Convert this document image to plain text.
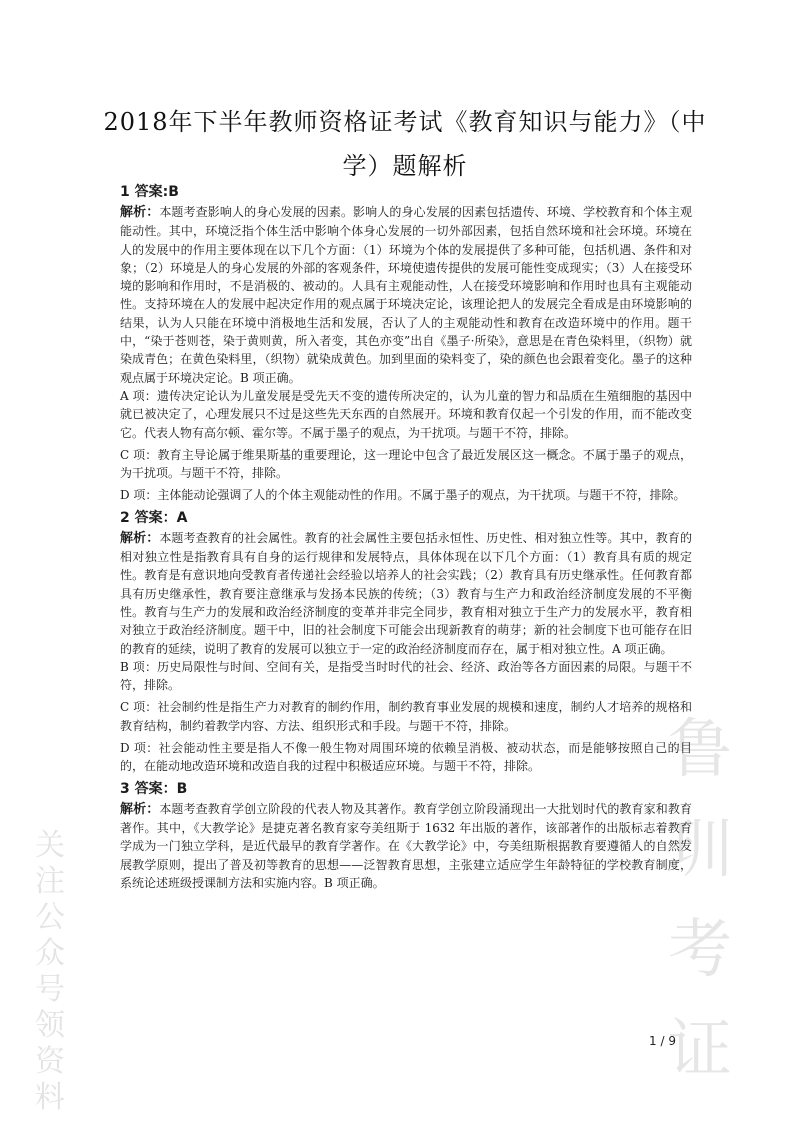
关注公众号领资料
鲁玔考证
2018年下半年教师资格证考试《教育知识与能力》（中学）题解析
1 答案:B

解析：本题考查影响人的身心发展的因素。影响人的身心发展的因素包括遗传、环境、学校教育和个体主观能动性。其中，环境泛指个体生活中影响个体身心发展的一切外部因素，包括自然环境和社会环境。环境在人的发展中的作用主要体现在以下几个方面：（1）环境为个体的发展提供了多种可能，包括机遇、条件和对象；（2）环境是人的身心发展的外部的客观条件，环境使遗传提供的发展可能性变成现实；（3）人在接受环境的影响和作用时，不是消极的、被动的。人具有主观能动性，人在接受环境影响和作用时也具有主观能动性。支持环境在人的发展中起决定作用的观点属于环境决定论，该理论把人的发展完全看成是由环境影响的结果，认为人只能在环境中消极地生活和发展，否认了人的主观能动性和教育在改造环境中的作用。题干中，“染于苍则苍，染于黄则黄，所入者变，其色亦变”出自《墨子·所染》，意思是在青色染料里，（织物）就染成青色；在黄色染料里，（织物）就染成黄色。加到里面的染料变了，染的颜色也会跟着变化。墨子的这种观点属于环境决定论。B 项正确。

A 项：遗传决定论认为儿童发展是受先天不变的遗传所决定的，认为儿童的智力和品质在生殖细胞的基因中就已被决定了，心理发展只不过是这些先天东西的自然展开。环境和教育仅起一个引发的作用，而不能改变它。代表人物有高尔顿、霍尔等。不属于墨子的观点，为干扰项。与题干不符，排除。

C 项：教育主导论属于维果斯基的重要理论，这一理论中包含了最近发展区这一概念。不属于墨子的观点，为干扰项。与题干不符，排除。

D 项：主体能动论强调了人的个体主观能动性的作用。不属于墨子的观点，为干扰项。与题干不符，排除。

2 答案：A

解析：本题考查教育的社会属性。教育的社会属性主要包括永恒性、历史性、相对独立性等。其中，教育的相对独立性是指教育具有自身的运行规律和发展特点，具体体现在以下几个方面：（1）教育具有质的规定性。教育是有意识地向受教育者传递社会经验以培养人的社会实践；（2）教育具有历史继承性。任何教育都具有历史继承性，教育要注意继承与发扬本民族的传统；（3）教育与生产力和政治经济制度发展的不平衡性。教育与生产力的发展和政治经济制度的变革并非完全同步，教育相对独立于生产力的发展水平，教育相对独立于政治经济制度。题干中，旧的社会制度下可能会出现新教育的萌芽；新的社会制度下也可能存在旧的教育的延续，说明了教育的发展可以独立于一定的政治经济制度而存在，属于相对独立性。A 项正确。

B 项：历史局限性与时间、空间有关，是指受当时时代的社会、经济、政治等各方面因素的局限。与题干不符，排除。

C 项：社会制约性是指生产力对教育的制约作用，制约教育事业发展的规模和速度，制约人才培养的规格和教育结构，制约着教学内容、方法、组织形式和手段。与题干不符，排除。

D 项：社会能动性主要是指人不像一般生物对周围环境的依赖呈消极、被动状态，而是能够按照自己的目的，在能动地改造环境和改造自我的过程中积极适应环境。与题干不符，排除。

3 答案：B

解析：本题考查教育学创立阶段的代表人物及其著作。教育学创立阶段涌现出一大批划时代的教育家和教育著作。其中，《大教学论》是捷克著名教育家夸美纽斯于 1632 年出版的著作，该部著作的出版标志着教育学成为一门独立学科，是近代最早的教育学著作。在《大教学论》中，夸美纽斯根据教育要遵循人的自然发展教学原则，提出了普及初等教育的思想——泛智教育思想，主张建立适应学生年龄特征的学校教育制度，系统论述班级授课制方法和实施内容。B 项正确。

1 / 9
